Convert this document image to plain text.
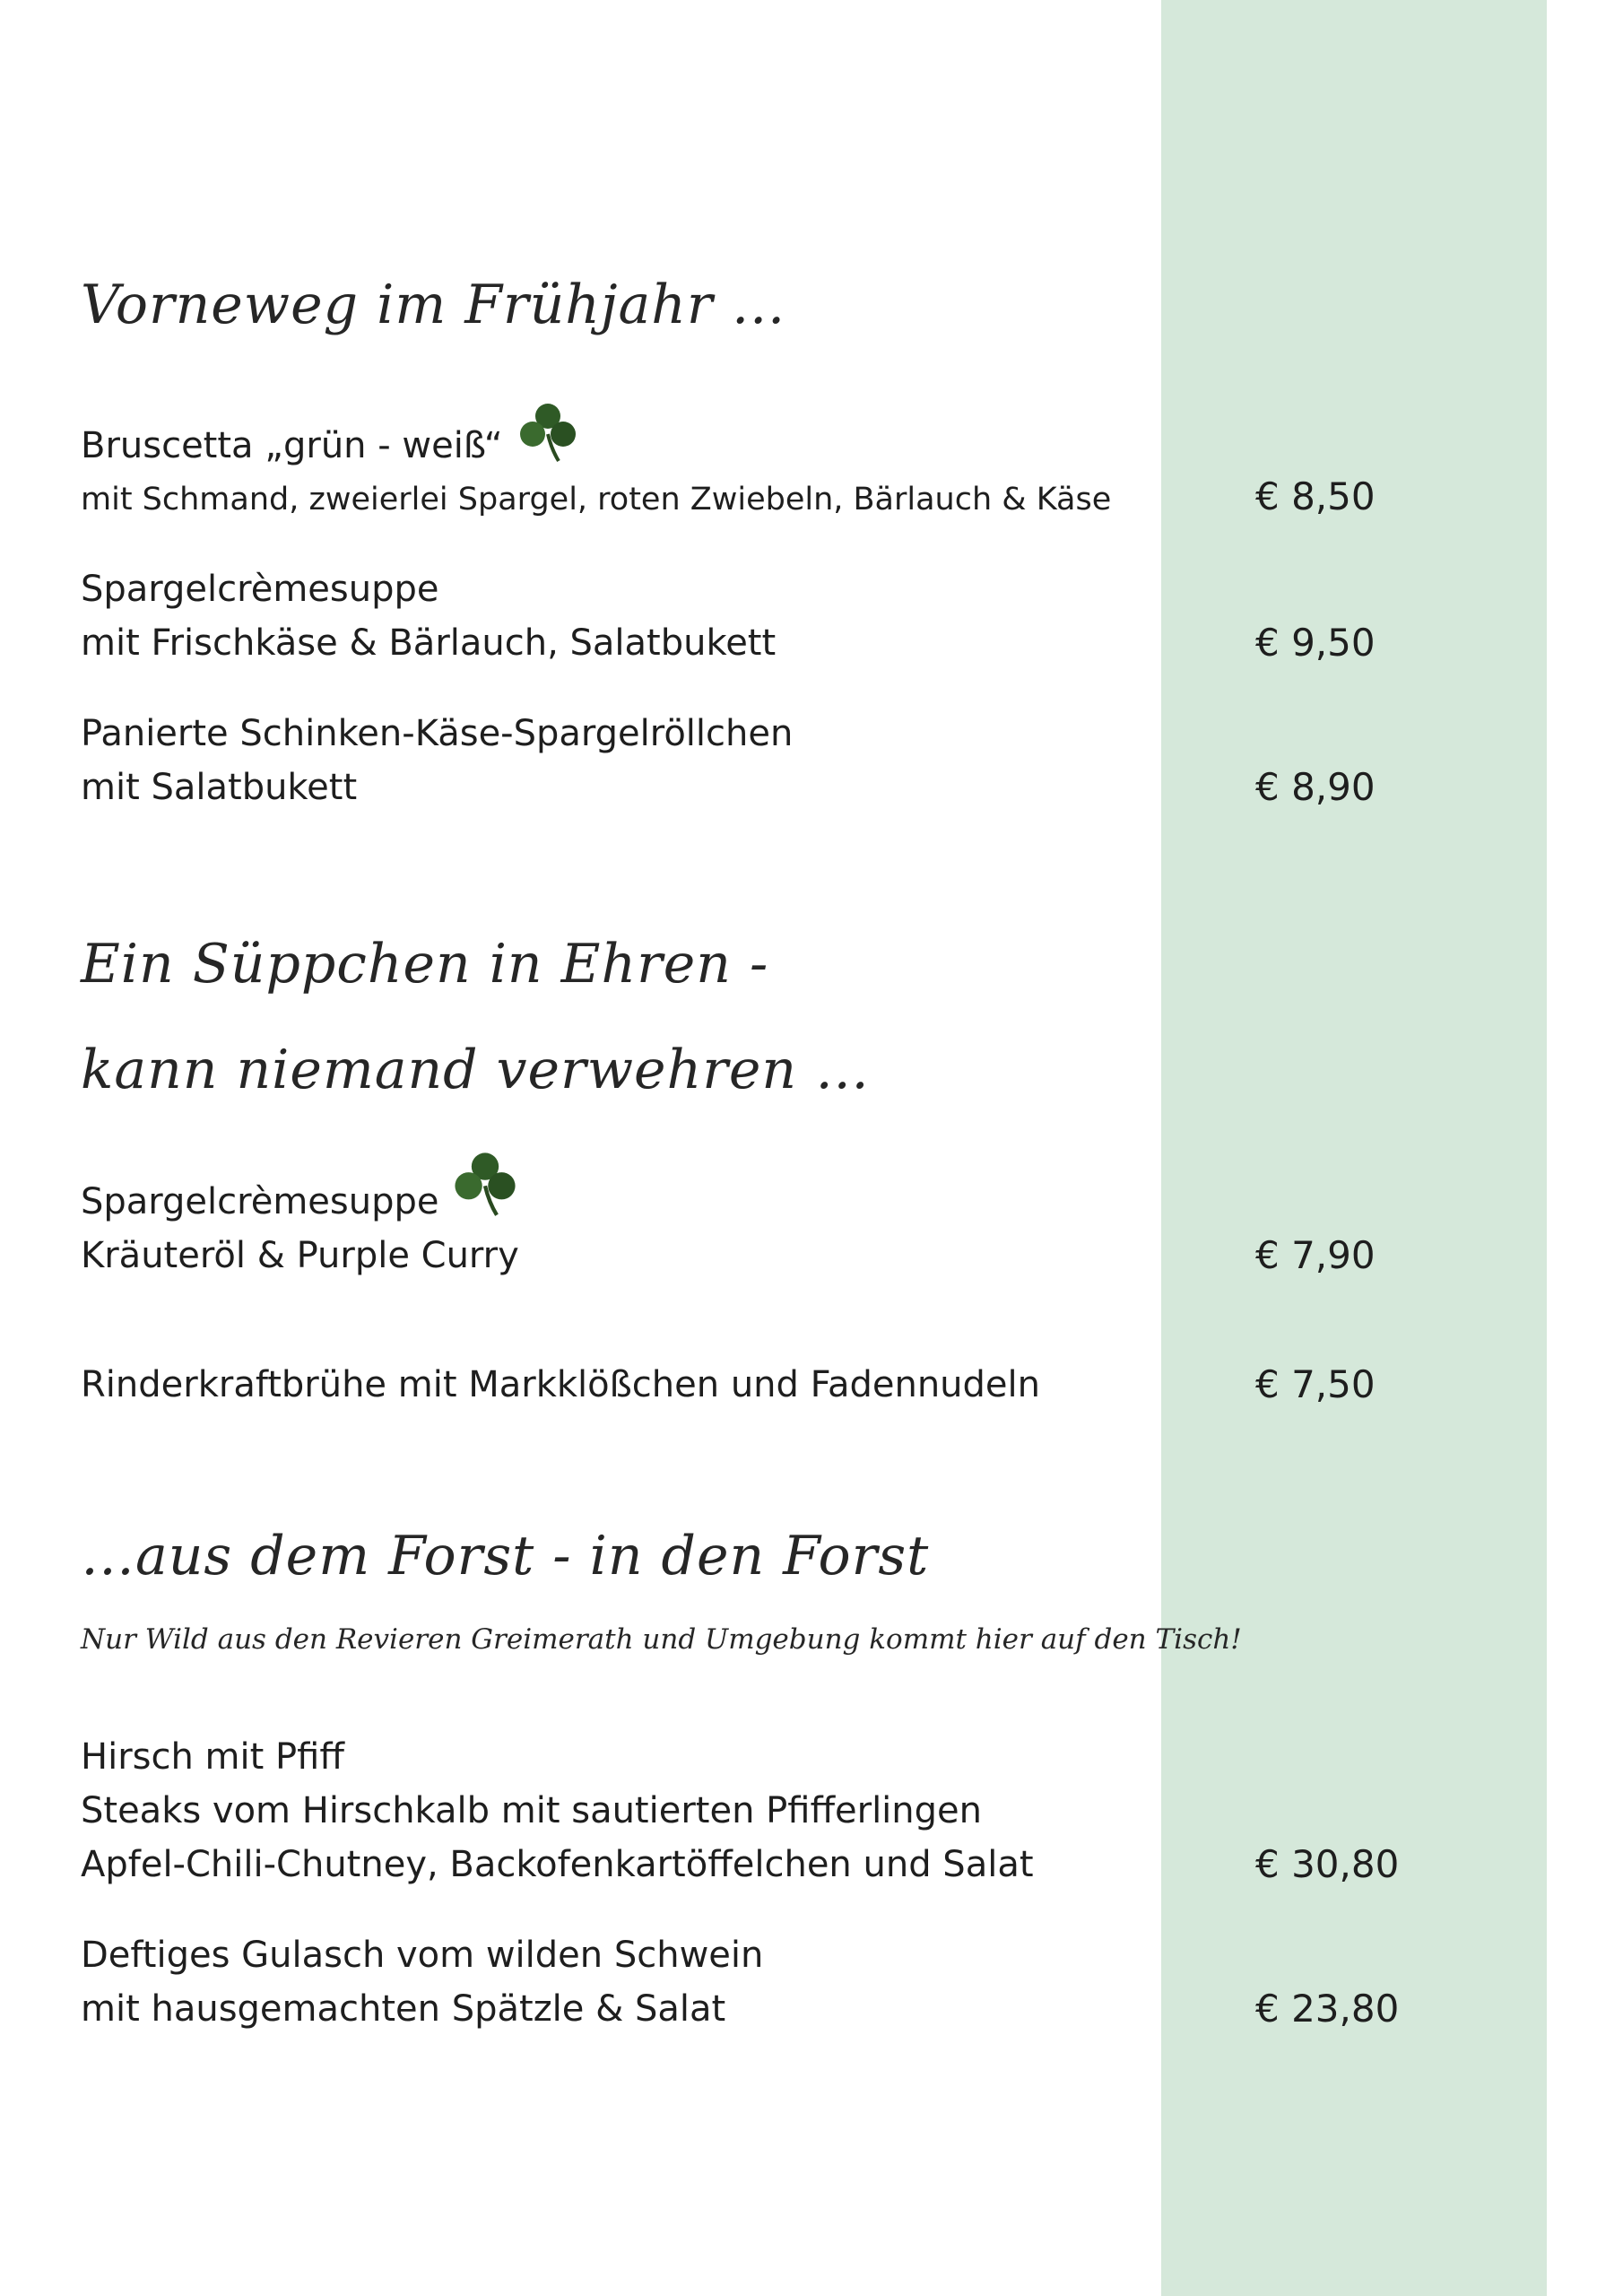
Vorneweg im Frühjahr …

Bruscetta „grün - weiß“

mit Schmand, zweierlei Spargel, roten Zwiebeln, Bärlauch & Käse	€ 8,50

Spargelcrèmesuppe

mit Frischkäse & Bärlauch, Salatbukett	€ 9,50

Panierte Schinken-Käse-Spargelröllchen

mit Salatbukett	€ 8,90

Ein Süppchen in Ehren -
kann niemand verwehren …

Spargelcrèmesuppe

Kräuteröl & Purple Curry	€ 7,90

Rinderkraftbrühe mit Markklößchen und Fadennudeln	€ 7,50

…aus dem Forst - in den Forst

Nur Wild aus den Revieren Greimerath und Umgebung kommt hier auf den Tisch!

Hirsch mit Pfiff

Steaks vom Hirschkalb mit sautierten Pfifferlingen

Apfel-Chili-Chutney, Backofenkartöffelchen und Salat	€ 30,80

Deftiges Gulasch vom wilden Schwein

mit hausgemachten Spätzle & Salat	€ 23,80
